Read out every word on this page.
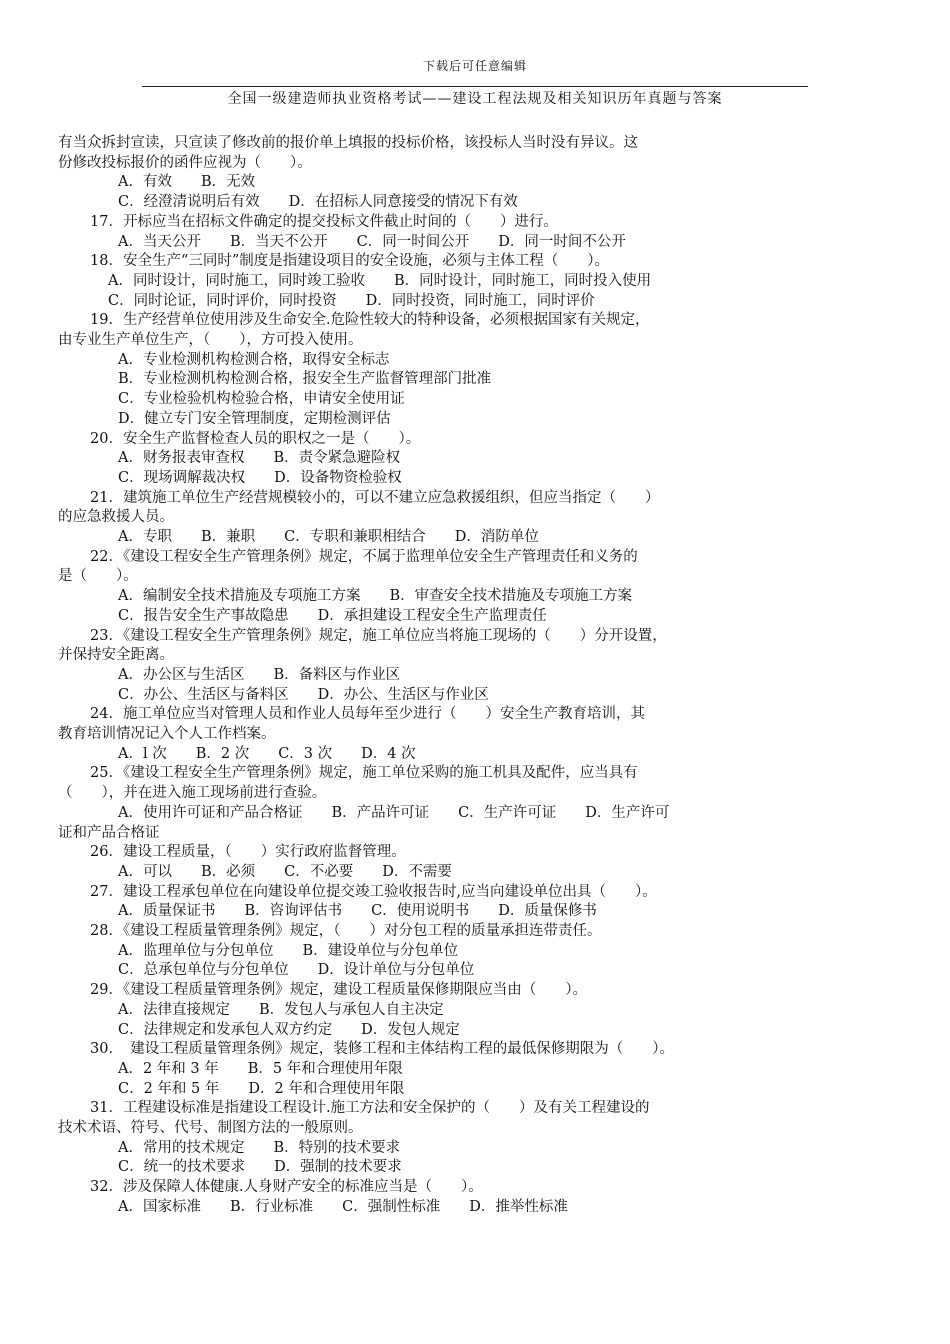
下载后可任意编辑
全国一级建造师执业资格考试——建设工程法规及相关知识历年真题与答案
有当众拆封宣读，只宣读了修改前的报价单上填报的投标价格，该投标人当时没有异议。这
份修改投标报价的函件应视为（　　）。
A．有效　　B．无效
C．经澄清说明后有效　　D．在招标人同意接受的情况下有效
17．开标应当在招标文件确定的提交投标文件截止时间的（　　）进行。
A．当天公开　　B．当天不公开　　C．同一时间公开　　D．同一时间不公开
18．安全生产“三同时”制度是指建设项目的安全设施，必须与主体工程（　　）。
A．同时设计，同时施工，同时竣工验收　　B．同时设计，同时施工，同时投入使用
C．同时论证，同时评价，同时投资　　D．同时投资，同时施工，同时评价
19．生产经营单位使用涉及生命安全.危险性较大的特种设备，必须根据国家有关规定，
由专业生产单位生产，（　　），方可投入使用。
A．专业检测机构检测合格，取得安全标志
B．专业检测机构检测合格，报安全生产监督管理部门批准
C．专业检验机构检验合格，申请安全使用证
D．健立专门安全管理制度，定期检测评估
20．安全生产监督检查人员的职权之一是（　　）。
A．财务报表审查权　　B．责令紧急避险权
C．现场调解裁决权　　D．设备物资检验权
21．建筑施工单位生产经营规模较小的，可以不建立应急救援组织，但应当指定（　　）
的应急救援人员。
A．专职　　B．兼职　　C．专职和兼职相结合　　D．消防单位
22．《建设工程安全生产管理条例》规定，不属于监理单位安全生产管理责任和义务的
是（　　）。
A．编制安全技术措施及专项施工方案　　B．审查安全技术措施及专项施工方案
C．报告安全生产事故隐患　　D．承担建设工程安全生产监理责任
23．《建设工程安全生产管理条例》规定，施工单位应当将施工现场的（　　）分开设置，
并保持安全距离。
A．办公区与生活区　　B．备料区与作业区
C．办公、生活区与备料区　　D．办公、生活区与作业区
24．施工单位应当对管理人员和作业人员每年至少进行（　　）安全生产教育培训，其
教育培训情况记入个人工作档案。
A．l 次　　B．2 次　　C．3 次　　D．4 次
25．《建设工程安全生产管理条例》规定，施工单位采购的施工机具及配件，应当具有
（　　），并在进入施工现场前进行查验。
A．使用许可证和产品合格证　　B．产品许可证　　C．生产许可证　　D．生产许可
证和产品合格证
26．建设工程质量，（　　）实行政府监督管理。
A．可以　　B．必须　　C．不必要　　D．不需要
27．建设工程承包单位在向建设单位提交竣工验收报告时,应当向建设单位出具（　　）。
A．质量保证书　　B．咨询评估书　　C．使用说明书　　D．质量保修书
28．《建设工程质量管理条例》规定，（　　）对分包工程的质量承担连带责任。
A．监理单位与分包单位　　B．建设单位与分包单位
C．总承包单位与分包单位　　D．设计单位与分包单位
29．《建设工程质量管理条例》规定，建设工程质量保修期限应当由（　　）。
A．法律直接规定　　B．发包人与承包人自主决定
C．法律规定和发承包人双方约定　　D．发包人规定
30．　建设工程质量管理条例》规定，装修工程和主体结构工程的最低保修期限为（　　）。
A．2 年和 3 年　　B．5 年和合理使用年限
C．2 年和 5 年　　D．2 年和合理使用年限
31．工程建设标准是指建设工程设计.施工方法和安全保护的（　　）及有关工程建设的
技术术语、符号、代号、制图方法的一般原则。
A．常用的技术规定　　B．特别的技术要求
C．统一的技术要求　　D．强制的技术要求
32．涉及保障人体健康.人身财产安全的标准应当是（　　）。
A．国家标准　　B．行业标准　　C．强制性标准　　D．推举性标准
